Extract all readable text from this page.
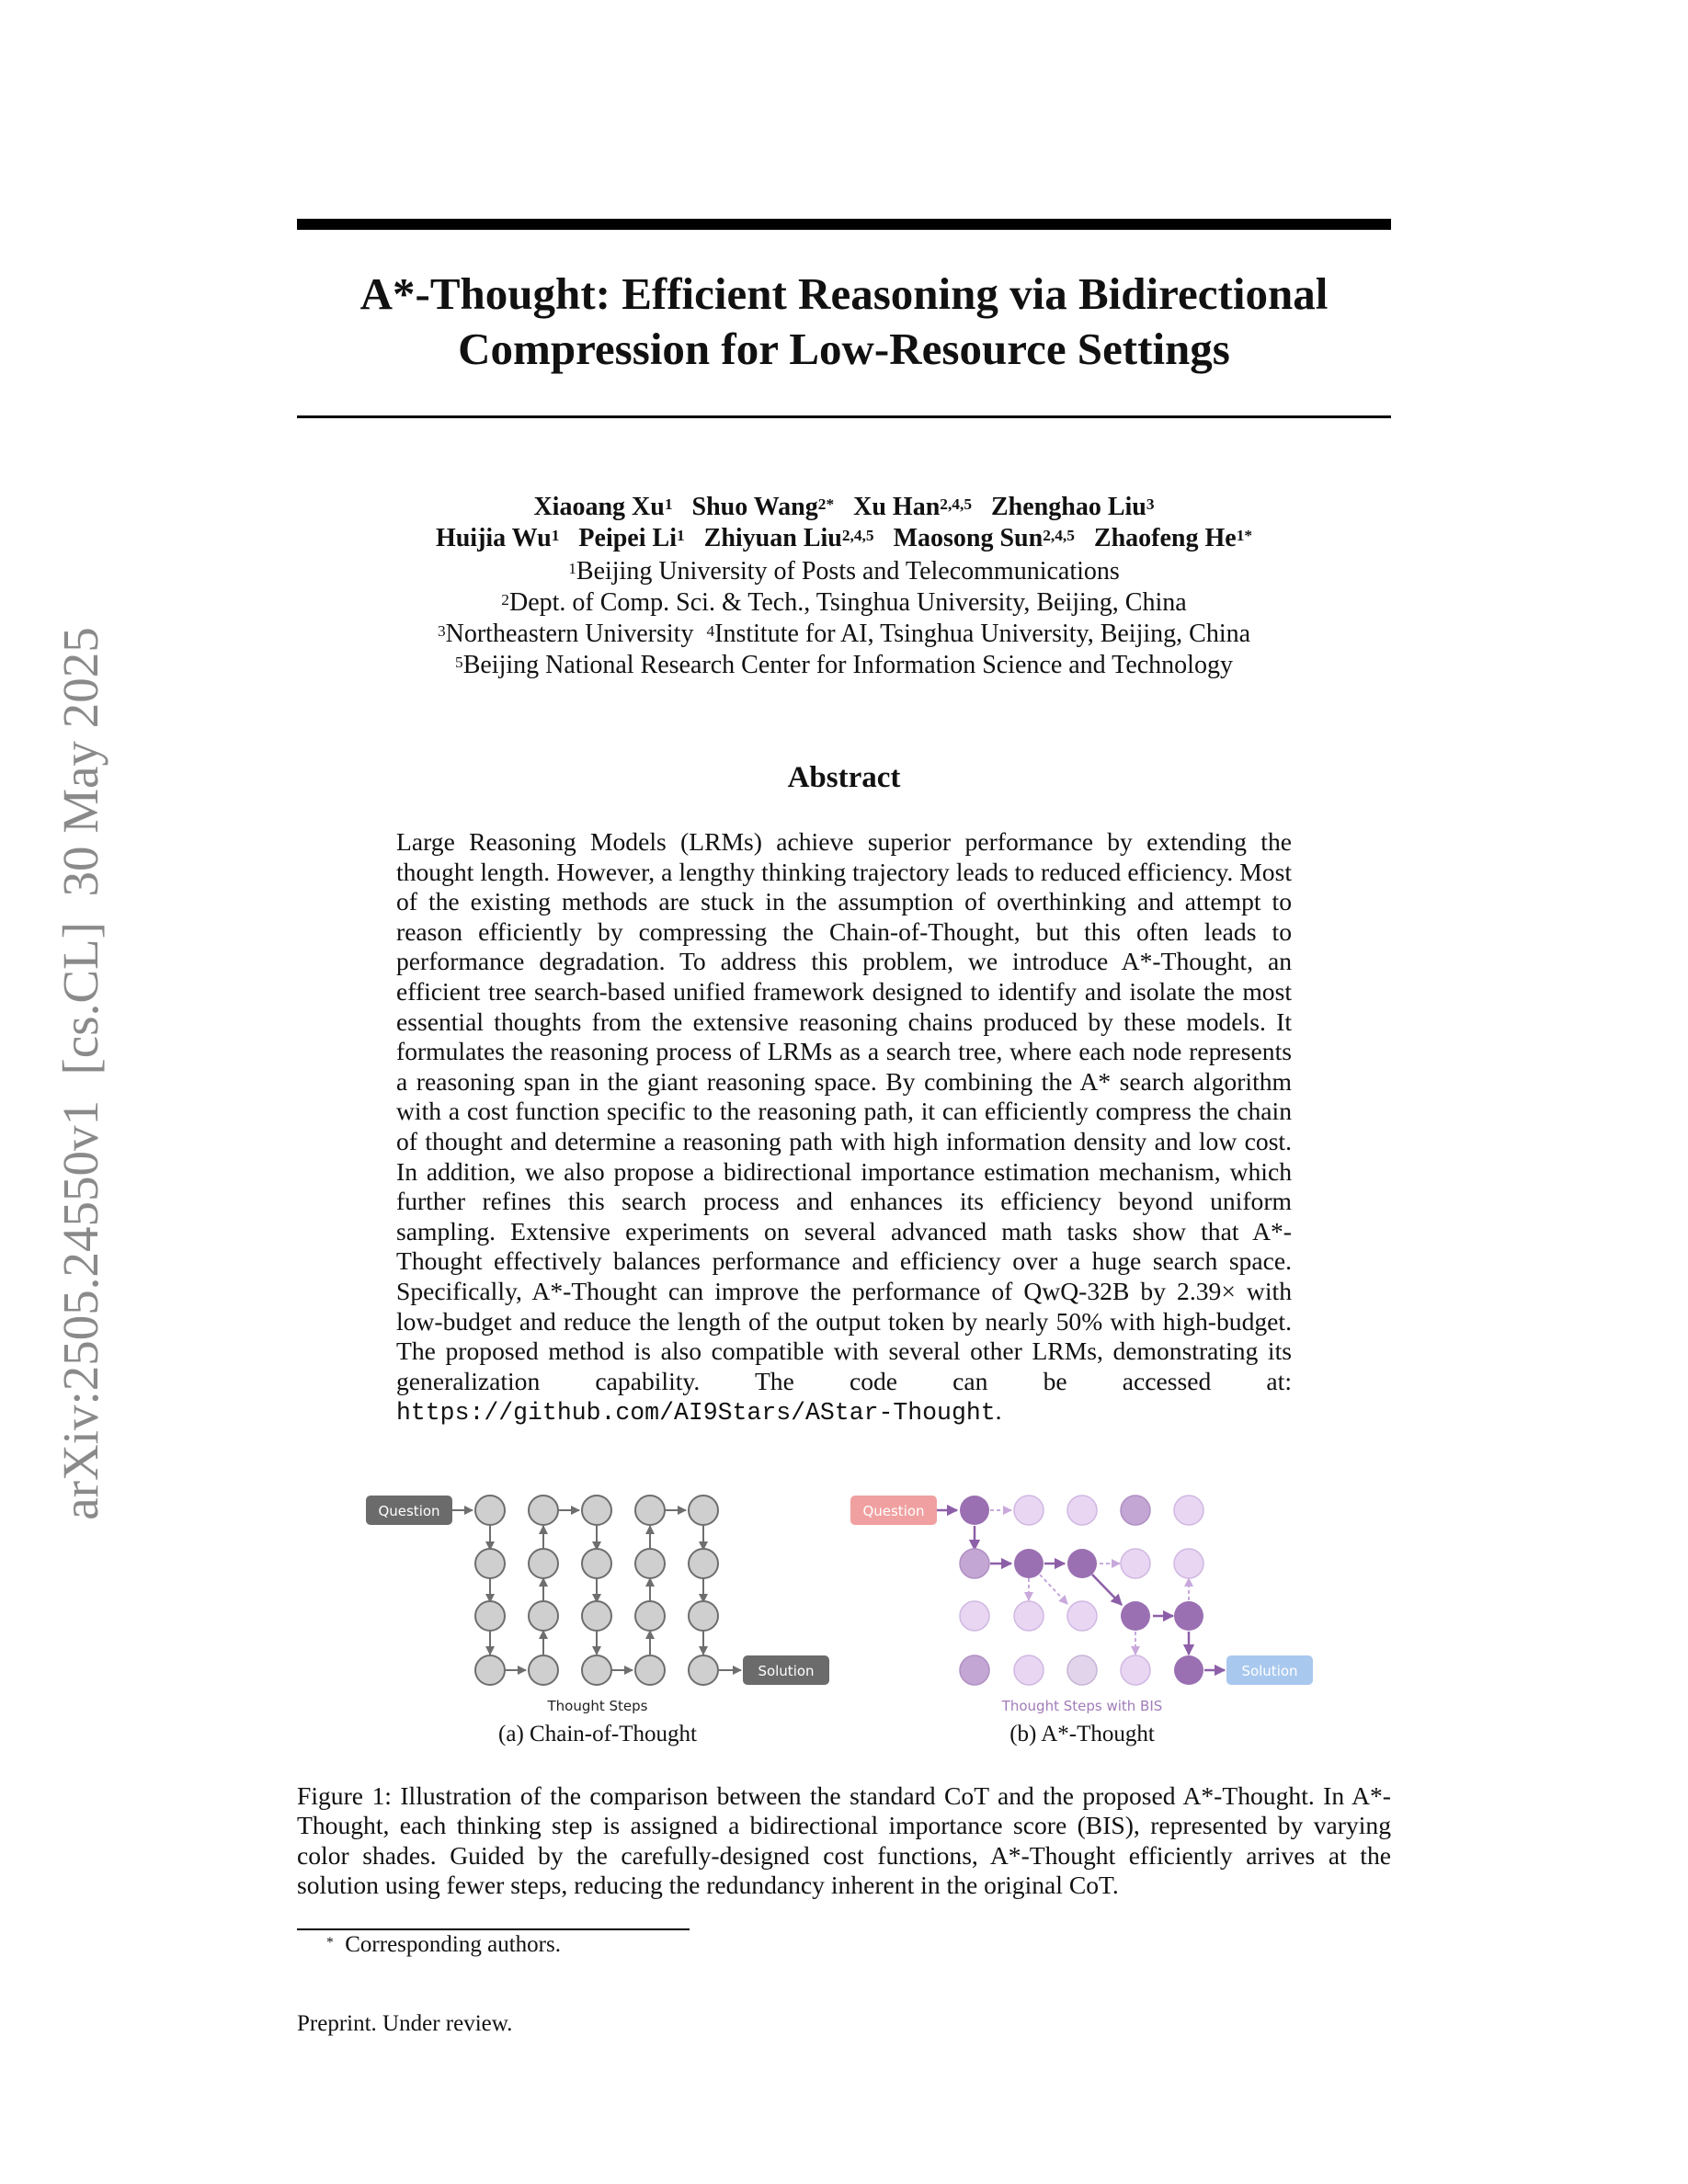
arXiv:2505.24550v1  [cs.CL]  30 May 2025
A*-Thought: Efficient Reasoning via Bidirectional
Compression for Low-Resource Settings
Xiaoang Xu$^1$ Shuo Wang$^{2*}$ Xu Han$^{2,4,5}$ Zhenghao Liu$^3$
Huijia Wu$^1$ Peipei Li$^1$ Zhiyuan Liu$^{2,4,5}$ Maosong Sun$^{2,4,5}$ Zhaofeng $He^{1*}$
$^1$Beijing University of Posts and Telecommunications
$^2$Dept. of Comp. Sci. & Tech., Tsinghua University, Beijing, China
$^3$Northeastern University $^4$Institute for AI, Tsinghua University, Beijing, China
$^5$Beijing National Research Center for Information Science and Technology
Abstract
Large Reasoning Models (LRMs) achieve superior performance by extending the thought length. However, a lengthy thinking trajectory leads to reduced efficiency. Most of the existing methods are stuck in the assumption of overthinking and attempt to reason efficiently by compressing the Chain-of-Thought, but this often leads to performance degradation. To address this problem, we introduce A*-Thought, an efficient tree search-based unified framework designed to identify and isolate the most essential thoughts from the extensive reasoning chains produced by these models. It formulates the reasoning process of LRMs as a search tree, where each node represents a reasoning span in the giant reasoning space. By combining the A* search algorithm with a cost function specific to the reasoning path, it can efficiently compress the chain of thought and determine a reasoning path with high information density and low cost. In addition, we also propose a bidirectional importance estimation mechanism, which further refines this search process and enhances its efficiency beyond uniform sampling. Extensive experiments on several advanced math tasks show that A*-Thought effectively balances performance and efficiency over a huge search space. Specifically, A*-Thought can improve the performance of QwQ-32B by 2.39× with low-budget and reduce the length of the output token by nearly 50% with high-budget. The proposed method is also compatible with several other LRMs, demonstrating its generalization capability. The code can be accessed at: https://github.com/AI9Stars/AStar-Thought.
Question
Solution
Thought Steps
Question
Solution
Thought Steps with BIS
(a) Chain-of-Thought	(b) A*-Thought
Figure 1: Illustration of the comparison between the standard CoT and the proposed A*-Thought. In A*-Thought, each thinking step is assigned a bidirectional importance score (BIS), represented by varying color shades. Guided by the carefully-designed cost functions, A*-Thought efficiently arrives at the solution using fewer steps, reducing the redundancy inherent in the original CoT.
* Corresponding authors.
Preprint. Under review.
